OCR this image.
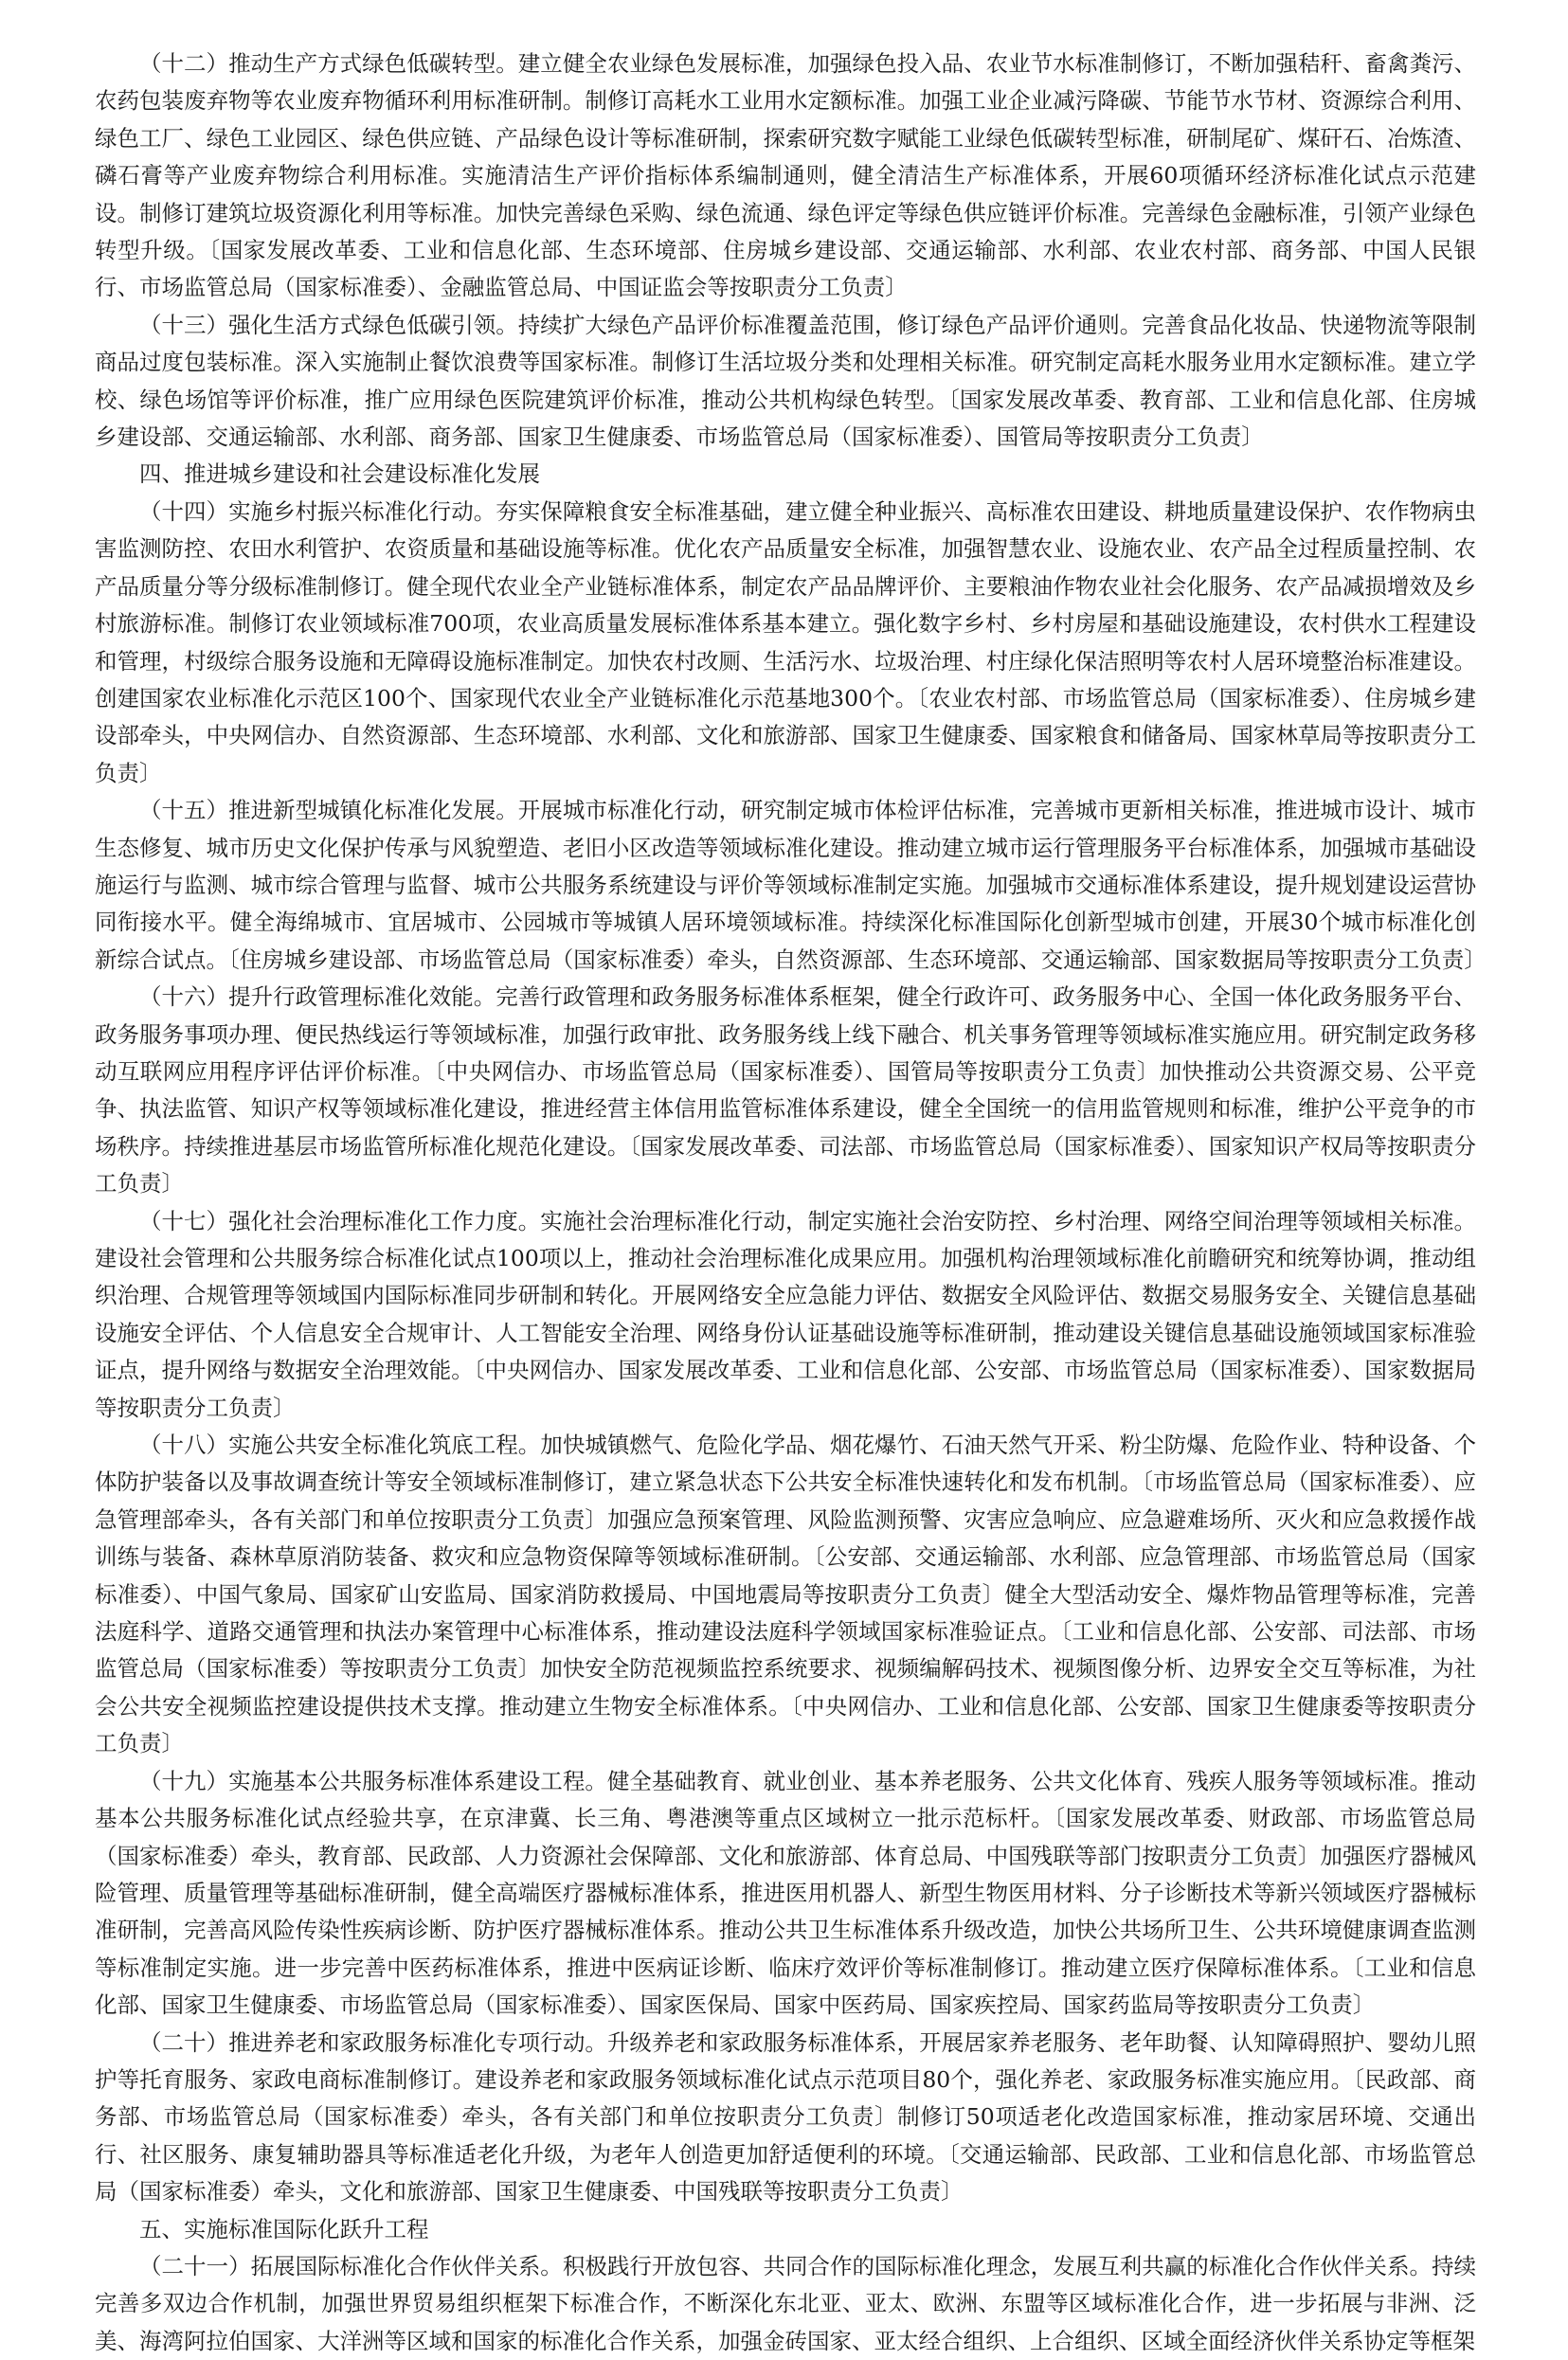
（十二）推动生产方式绿色低碳转型。建立健全农业绿色发展标准，加强绿色投入品、农业节水标准制修订，不断加强秸秆、畜禽粪污、农药包装废弃物等农业废弃物循环利用标准研制。制修订高耗水工业用水定额标准。加强工业企业减污降碳、节能节水节材、资源综合利用、绿色工厂、绿色工业园区、绿色供应链、产品绿色设计等标准研制，探索研究数字赋能工业绿色低碳转型标准，研制尾矿、煤矸石、冶炼渣、磷石膏等产业废弃物综合利用标准。实施清洁生产评价指标体系编制通则，健全清洁生产标准体系，开展60项循环经济标准化试点示范建设。制修订建筑垃圾资源化利用等标准。加快完善绿色采购、绿色流通、绿色评定等绿色供应链评价标准。完善绿色金融标准，引领产业绿色转型升级。〔国家发展改革委、工业和信息化部、生态环境部、住房城乡建设部、交通运输部、水利部、农业农村部、商务部、中国人民银行、市场监管总局（国家标准委）、金融监管总局、中国证监会等按职责分工负责〕

（十三）强化生活方式绿色低碳引领。持续扩大绿色产品评价标准覆盖范围，修订绿色产品评价通则。完善食品化妆品、快递物流等限制商品过度包装标准。深入实施制止餐饮浪费等国家标准。制修订生活垃圾分类和处理相关标准。研究制定高耗水服务业用水定额标准。建立学校、绿色场馆等评价标准，推广应用绿色医院建筑评价标准，推动公共机构绿色转型。〔国家发展改革委、教育部、工业和信息化部、住房城乡建设部、交通运输部、水利部、商务部、国家卫生健康委、市场监管总局（国家标准委）、国管局等按职责分工负责〕

四、推进城乡建设和社会建设标准化发展

（十四）实施乡村振兴标准化行动。夯实保障粮食安全标准基础，建立健全种业振兴、高标准农田建设、耕地质量建设保护、农作物病虫害监测防控、农田水利管护、农资质量和基础设施等标准。优化农产品质量安全标准，加强智慧农业、设施农业、农产品全过程质量控制、农产品质量分等分级标准制修订。健全现代农业全产业链标准体系，制定农产品品牌评价、主要粮油作物农业社会化服务、农产品减损增效及乡村旅游标准。制修订农业领域标准700项，农业高质量发展标准体系基本建立。强化数字乡村、乡村房屋和基础设施建设，农村供水工程建设和管理，村级综合服务设施和无障碍设施标准制定。加快农村改厕、生活污水、垃圾治理、村庄绿化保洁照明等农村人居环境整治标准建设。创建国家农业标准化示范区100个、国家现代农业全产业链标准化示范基地300个。〔农业农村部、市场监管总局（国家标准委）、住房城乡建设部牵头，中央网信办、自然资源部、生态环境部、水利部、文化和旅游部、国家卫生健康委、国家粮食和储备局、国家林草局等按职责分工负责〕

（十五）推进新型城镇化标准化发展。开展城市标准化行动，研究制定城市体检评估标准，完善城市更新相关标准，推进城市设计、城市生态修复、城市历史文化保护传承与风貌塑造、老旧小区改造等领域标准化建设。推动建立城市运行管理服务平台标准体系，加强城市基础设施运行与监测、城市综合管理与监督、城市公共服务系统建设与评价等领域标准制定实施。加强城市交通标准体系建设，提升规划建设运营协同衔接水平。健全海绵城市、宜居城市、公园城市等城镇人居环境领域标准。持续深化标准国际化创新型城市创建，开展30个城市标准化创新综合试点。〔住房城乡建设部、市场监管总局（国家标准委）牵头，自然资源部、生态环境部、交通运输部、国家数据局等按职责分工负责〕

（十六）提升行政管理标准化效能。完善行政管理和政务服务标准体系框架，健全行政许可、政务服务中心、全国一体化政务服务平台、政务服务事项办理、便民热线运行等领域标准，加强行政审批、政务服务线上线下融合、机关事务管理等领域标准实施应用。研究制定政务移动互联网应用程序评估评价标准。〔中央网信办、市场监管总局（国家标准委）、国管局等按职责分工负责〕加快推动公共资源交易、公平竞争、执法监管、知识产权等领域标准化建设，推进经营主体信用监管标准体系建设，健全全国统一的信用监管规则和标准，维护公平竞争的市场秩序。持续推进基层市场监管所标准化规范化建设。〔国家发展改革委、司法部、市场监管总局（国家标准委）、国家知识产权局等按职责分工负责〕

（十七）强化社会治理标准化工作力度。实施社会治理标准化行动，制定实施社会治安防控、乡村治理、网络空间治理等领域相关标准。建设社会管理和公共服务综合标准化试点100项以上，推动社会治理标准化成果应用。加强机构治理领域标准化前瞻研究和统筹协调，推动组织治理、合规管理等领域国内国际标准同步研制和转化。开展网络安全应急能力评估、数据安全风险评估、数据交易服务安全、关键信息基础设施安全评估、个人信息安全合规审计、人工智能安全治理、网络身份认证基础设施等标准研制，推动建设关键信息基础设施领域国家标准验证点，提升网络与数据安全治理效能。〔中央网信办、国家发展改革委、工业和信息化部、公安部、市场监管总局（国家标准委）、国家数据局等按职责分工负责〕

（十八）实施公共安全标准化筑底工程。加快城镇燃气、危险化学品、烟花爆竹、石油天然气开采、粉尘防爆、危险作业、特种设备、个体防护装备以及事故调查统计等安全领域标准制修订，建立紧急状态下公共安全标准快速转化和发布机制。〔市场监管总局（国家标准委）、应急管理部牵头，各有关部门和单位按职责分工负责〕加强应急预案管理、风险监测预警、灾害应急响应、应急避难场所、灭火和应急救援作战训练与装备、森林草原消防装备、救灾和应急物资保障等领域标准研制。〔公安部、交通运输部、水利部、应急管理部、市场监管总局（国家标准委）、中国气象局、国家矿山安监局、国家消防救援局、中国地震局等按职责分工负责〕健全大型活动安全、爆炸物品管理等标准，完善法庭科学、道路交通管理和执法办案管理中心标准体系，推动建设法庭科学领域国家标准验证点。〔工业和信息化部、公安部、司法部、市场监管总局（国家标准委）等按职责分工负责〕加快安全防范视频监控系统要求、视频编解码技术、视频图像分析、边界安全交互等标准，为社会公共安全视频监控建设提供技术支撑。推动建立生物安全标准体系。〔中央网信办、工业和信息化部、公安部、国家卫生健康委等按职责分工负责〕

（十九）实施基本公共服务标准体系建设工程。健全基础教育、就业创业、基本养老服务、公共文化体育、残疾人服务等领域标准。推动基本公共服务标准化试点经验共享，在京津冀、长三角、粤港澳等重点区域树立一批示范标杆。〔国家发展改革委、财政部、市场监管总局（国家标准委）牵头，教育部、民政部、人力资源社会保障部、文化和旅游部、体育总局、中国残联等部门按职责分工负责〕加强医疗器械风险管理、质量管理等基础标准研制，健全高端医疗器械标准体系，推进医用机器人、新型生物医用材料、分子诊断技术等新兴领域医疗器械标准研制，完善高风险传染性疾病诊断、防护医疗器械标准体系。推动公共卫生标准体系升级改造，加快公共场所卫生、公共环境健康调查监测等标准制定实施。进一步完善中医药标准体系，推进中医病证诊断、临床疗效评价等标准制修订。推动建立医疗保障标准体系。〔工业和信息化部、国家卫生健康委、市场监管总局（国家标准委）、国家医保局、国家中医药局、国家疾控局、国家药监局等按职责分工负责〕

（二十）推进养老和家政服务标准化专项行动。升级养老和家政服务标准体系，开展居家养老服务、老年助餐、认知障碍照护、婴幼儿照护等托育服务、家政电商标准制修订。建设养老和家政服务领域标准化试点示范项目80个，强化养老、家政服务标准实施应用。〔民政部、商务部、市场监管总局（国家标准委）牵头，各有关部门和单位按职责分工负责〕制修订50项适老化改造国家标准，推动家居环境、交通出行、社区服务、康复辅助器具等标准适老化升级，为老年人创造更加舒适便利的环境。〔交通运输部、民政部、工业和信息化部、市场监管总局（国家标准委）牵头，文化和旅游部、国家卫生健康委、中国残联等按职责分工负责〕

五、实施标准国际化跃升工程

（二十一）拓展国际标准化合作伙伴关系。积极践行开放包容、共同合作的国际标准化理念，发展互利共赢的标准化合作伙伴关系。持续完善多双边合作机制，加强世界贸易组织框架下标准合作，不断深化东北亚、亚太、欧洲、东盟等区域标准化合作，进一步拓展与非洲、泛美、海湾阿拉伯国家、大洋洲等区域和国家的标准化合作关系，加强金砖国家、亚太经合组织、上合组织、区域全面经济伙伴关系协定等框架
